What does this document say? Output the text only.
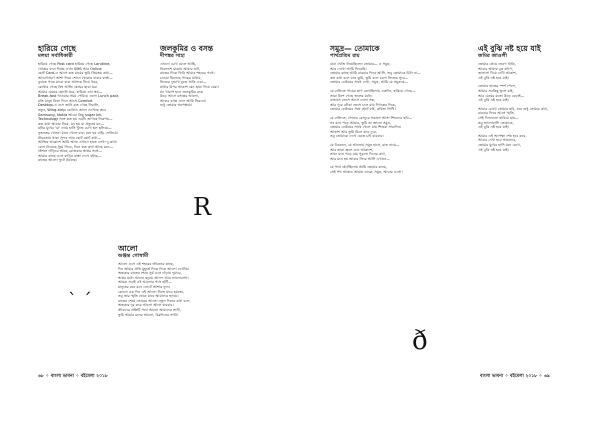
হারিয়ে গেছে
মলয়া সর্বাধিকারী
হারিয়ে গেছে Post card হারিয়ে গেছে Landline,
খোকার বাবা দিচ্ছে এখন SMS আর Online
ছোট Card-এ আসে কত মায়ের ভুরি প্রিয়তম কথা—
আবেগপ্রবণ আশা নিয়ে শোনে খোকার বাবার বার্তা—
বুঝতে পারে মাঝে বাবা আসছে নিয়ে খবর,
কোথায় গেছে বিশ্ব আজি মেঘের ছায়া ঘর।
আমার মেয়ের ছোটো ঘরে, হারিয়ে ওঠা স্বপ্ন—
Break-fast খাওয়ার সময় পেরিয়ে এলো Lunch pack
মতি মানুষ নিত্য দিনে আসে Comfort
Desktop-এ বসে জানি কত গেছে নিরালি,
নতুন, Wing-strip কোথাও জানে দেখেছে তবে
Samsung, Nokia আরো কিছু sugar bit,
Technology সঙ্গে কত হয় এমনি জাগছে নিরুপম—
কত কথা আমার নিয়ে, মন হয় যা প্রত্যুষে মন—
মনির মুখের 'মা' নামে হাসি খুঁজে চোখ ছল ছলিয়ে—
নুতনতর খেলনা মানে খেলে বাবা মনে হয় বাড়ি ফেলিয়ে।
নীরবতায় থাকা সুন্দর আর ছোট ছোট কথা—
আজির আকাশে আমি আজ এখানে হাতে লেখা দু-কথা।
বেলা নিয়েছে ধুয়ে ফিরে, দিনে কত কথা আছে মনে—
ষ্টেশনে দাঁড়িয়ে আছে রোজকার স্বপ্নের সঙ্গে—
আমার কাছে এসে বাড়ির রাস্তা দেখে বইছে—
রাতের আলো ফুটে উঠেছে।
জলকুমির ও বসন্ত
দীপঙ্কর সাহা
এখনো চোখ মেলে আছি,
নিরুদ্দেশ যাত্রায় আমার ঘাট,
রাতের দিকে ফিরি আমার শহরের পথে।
চাওয়া মিলেছে গাছের মাথায়,
নিজের দুচোখ বুজে থাকি একা—
মাথার উপর আকাশ যেন ছায়া দিয়ে ঘেরা।
মন খারাপ হলে জলকুমির রঙে
উড়ে আসে বসন্তের আলো,
আবার বসন্ত এলে আমি ফিরবো।
শুধু তোমার অপেক্ষায়।
আলো
অঞ্জন্ত গোস্বামী
আলো এসে এই শহরের জীবনের কাছে,
দিন আমার প্রতি মুহূর্তে দিকে দিকে আলো ফোটায়।
অন্ধকার রাতের শেষে সূর্য এসে দাঁড়ায় দুয়ারে,
স্বপ্নের মধ্যে আলো ছড়ায় আনন্দ আর ভালোবাসা।
আমরা সবাই এই আলোর পথে হাঁটি—
মানুষের মনে মনে ফোটে আশার ফুল।
কোনো এক দিন এই আলো নিভে যাবে হয়তো,
তবু তার স্মৃতি থেকে যাবে আমাদের হৃদয়ে।
রাতের শেষে ভোরের আলো নতুন দিনের কথা বলে,
অন্ধকার দূর করে আলো আসে বারবার।
জীবনের প্রতিটি পথে আলো আমাদের সাথী,
তুমি আমার মনের আলো, চিরদিনের সাথী।
R
ˋ ˊ
৬৮ ✧ বাংলা ভাবনা ✧ বইমেলা ২০১৮
সমুদ্র— তোমাকে
পার্থপ্রতিম রায়
বাবা খোঁজ নিয়েছিলেন তোমার— এ সমুদ্র,
আর দেখো আমি ফিরেছি।
তোমার কাছে আমি বারবার ফিরে আসি, তবু তোমাকে চিনি না—
কত কথা বলে যাও তুমি, তুমি বলে চলো নিজের সুরে—
তোমার ঢেউয়ের সাথে দেখা, সমুদ্র, আমি যে সমুদ্রকে—
যে বালিতে পায়ের ছাপ রেখেছিলাম একদিন, হারিয়ে গেছে—
তারা মিশে গেছে জলের মধ্যে।
বাতাসে ভেসে আসে নোনা গন্ধ,
আর দূরে নৌকা ভেসে চলে যায় দিগন্তের দিকে,
তোমার ঢেউয়ের সঙ্গে হেঁটে যাই, কবিতা লিখি।
যে বালিতে, সোনার রোদ্দুরে সকালে আসা শিশুদের ছবি—
সব মনে পড়ে আমার, তুমি তা জানো সমুদ্র,
তোমার ঢেউয়ের সাথে খেলে যায় শিশুরা সারাদিন।
আকাশ আর তুমি মিলে যাও দূরে,
তবু তোমাকে দেখে যেতে চাই বারবার।
যে বিকেলে, যে আলোয় সমুদ্র হাসে, রাত নামে—
আর তারা জ্বলে ওঠে আকাশে,
তখন মনে পড়ে যায় পুরনো দিনের কথা,
আর মনে হয় আবার ফিরে আসি এখানে—
যে পথে হেঁটেছিলাম আমি তোমার কাছে,
সেই পথ আজও আমায় ডাকে, সমুদ্র, আবার এসো।
এই বুঝি নষ্ট হয়ে যাই
জমির জাওলী
তোমার প্রেমে জেগে থাকি,
আবার আমার বুক কাঁপে,
জানালা দিয়ে দেখি আকাশ,
এই বুঝি নষ্ট হয়ে যাই।
তোমার হাতের স্পর্শ পেলে,
আমার সবকিছু ভুলে যাই,
আর মেঘের মতো উড়ে বেড়াই—
এই বুঝি নষ্ট হয়ে যাই।
আমার চোখে তোমার ছবি, মনে শুধু তোমার কথা,
বারবার ফিরে আসে স্মৃতি,
সেই দিনগুলো হারিয়ে যায়—
তবু ভালোবাসি তোমাকে,
এই বুঝি নষ্ট হয়ে যাই।
আমার এই অপেক্ষা শেষ হবে কবে,
আবার দেখা হবে আমাদের,
তোমার মুখের হাসি মনে রেখে,
এই বুঝি নষ্ট হয়ে যাই।
ð
বাংলা ভাবনা ✧ বইমেলা ২০১৮ ✧ ৬৯
